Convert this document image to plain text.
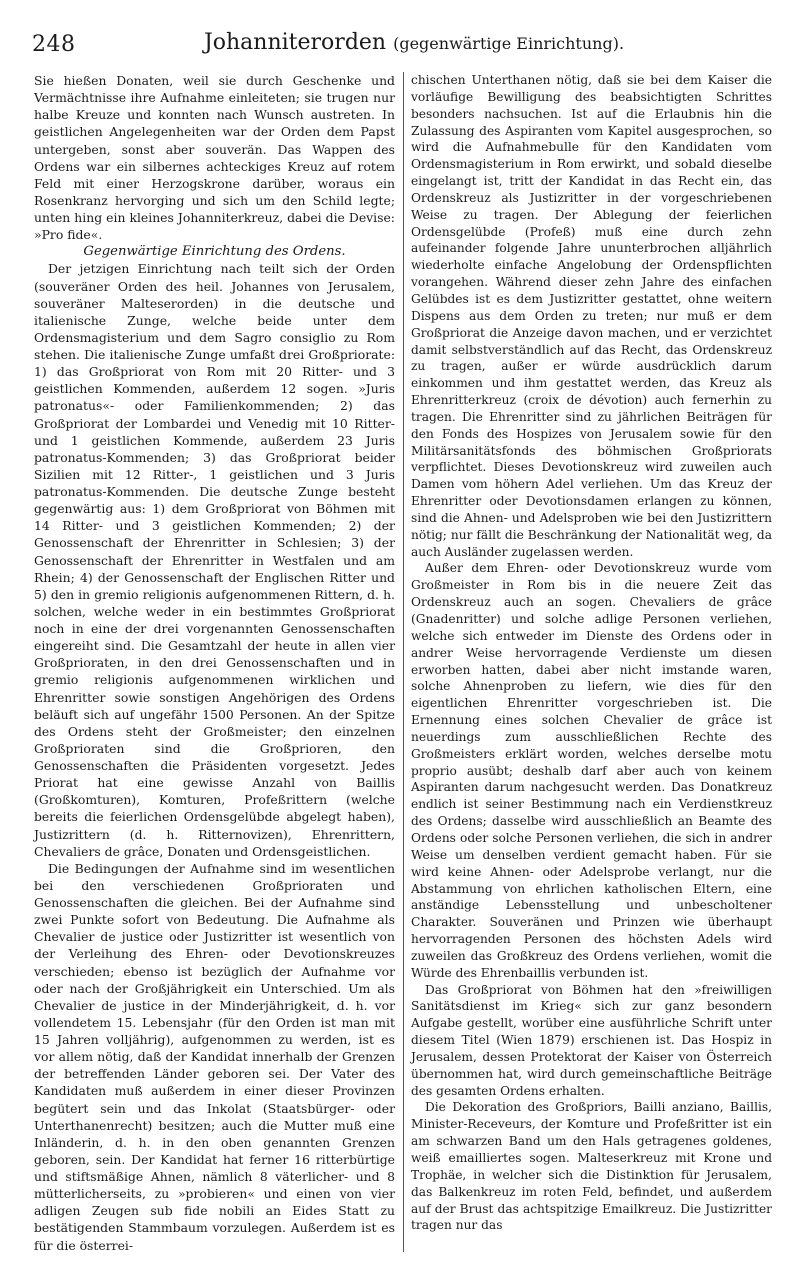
248	Johanniterorden (gegenwärtige Einrichtung).

Sie hießen Donaten, weil sie durch Geschenke und Vermächtnisse ihre Aufnahme einleiteten; sie trugen nur halbe Kreuze und konnten nach Wunsch austreten. In geistlichen Angelegenheiten war der Orden dem Papst untergeben, sonst aber souverän. Das Wappen des Ordens war ein silbernes achteckiges Kreuz auf rotem Feld mit einer Herzogskrone darüber, woraus ein Rosenkranz hervorging und sich um den Schild legte; unten hing ein kleines Johanniterkreuz, dabei die Devise: »Pro fide«.

Gegenwärtige Einrichtung des Ordens.

Der jetzigen Einrichtung nach teilt sich der Orden (souveräner Orden des heil. Johannes von Jerusalem, souveräner Malteserorden) in die deutsche und italienische Zunge, welche beide unter dem Ordensmagisterium und dem Sagro consiglio zu Rom stehen. Die italienische Zunge umfaßt drei Großpriorate: 1) das Großpriorat von Rom mit 20 Ritter- und 3 geistlichen Kommenden, außerdem 12 sogen. »Juris patronatus«- oder Familienkommenden; 2) das Großpriorat der Lombardei und Venedig mit 10 Ritter- und 1 geistlichen Kommende, außerdem 23 Juris patronatus-Kommenden; 3) das Großpriorat beider Sizilien mit 12 Ritter-, 1 geistlichen und 3 Juris patronatus-Kommenden. Die deutsche Zunge besteht gegenwärtig aus: 1) dem Großpriorat von Böhmen mit 14 Ritter- und 3 geistlichen Kommenden; 2) der Genossenschaft der Ehrenritter in Schlesien; 3) der Genossenschaft der Ehrenritter in Westfalen und am Rhein; 4) der Genossenschaft der Englischen Ritter und 5) den in gremio religionis aufgenommenen Rittern, d. h. solchen, welche weder in ein bestimmtes Großpriorat noch in eine der drei vorgenannten Genossenschaften eingereiht sind. Die Gesamtzahl der heute in allen vier Großprioraten, in den drei Genossenschaften und in gremio religionis aufgenommenen wirklichen und Ehrenritter sowie sonstigen Angehörigen des Ordens beläuft sich auf ungefähr 1500 Personen. An der Spitze des Ordens steht der Großmeister; den einzelnen Großprioraten sind die Großprioren, den Genossenschaften die Präsidenten vorgesetzt. Jedes Priorat hat eine gewisse Anzahl von Baillis (Großkomturen), Komturen, Profeßrittern (welche bereits die feierlichen Ordensgelübde abgelegt haben), Justizrittern (d. h. Ritternovizen), Ehrenrittern, Chevaliers de grâce, Donaten und Ordensgeistlichen.

Die Bedingungen der Aufnahme sind im wesentlichen bei den verschiedenen Großprioraten und Genossenschaften die gleichen. Bei der Aufnahme sind zwei Punkte sofort von Bedeutung. Die Aufnahme als Chevalier de justice oder Justizritter ist wesentlich von der Verleihung des Ehren- oder Devotionskreuzes verschieden; ebenso ist bezüglich der Aufnahme vor oder nach der Großjährigkeit ein Unterschied. Um als Chevalier de justice in der Minderjährigkeit, d. h. vor vollendetem 15. Lebensjahr (für den Orden ist man mit 15 Jahren volljährig), aufgenommen zu werden, ist es vor allem nötig, daß der Kandidat innerhalb der Grenzen der betreffenden Länder geboren sei. Der Vater des Kandidaten muß außerdem in einer dieser Provinzen begütert sein und das Inkolat (Staatsbürger- oder Unterthanenrecht) besitzen; auch die Mutter muß eine Inländerin, d. h. in den oben genannten Grenzen geboren, sein. Der Kandidat hat ferner 16 ritterbürtige und stiftsmäßige Ahnen, nämlich 8 väterlicher- und 8 mütterlicherseits, zu »probieren« und einen von vier adligen Zeugen sub fide nobili an Eides Statt zu bestätigenden Stammbaum vorzulegen. Außerdem ist es für die österrei-

chischen Unterthanen nötig, daß sie bei dem Kaiser die vorläufige Bewilligung des beabsichtigten Schrittes besonders nachsuchen. Ist auf die Erlaubnis hin die Zulassung des Aspiranten vom Kapitel ausgesprochen, so wird die Aufnahmebulle für den Kandidaten vom Ordensmagisterium in Rom erwirkt, und sobald dieselbe eingelangt ist, tritt der Kandidat in das Recht ein, das Ordenskreuz als Justizritter in der vorgeschriebenen Weise zu tragen. Der Ablegung der feierlichen Ordensgelübde (Profeß) muß eine durch zehn aufeinander folgende Jahre ununterbrochen alljährlich wiederholte einfache Angelobung der Ordenspflichten vorangehen. Während dieser zehn Jahre des einfachen Gelübdes ist es dem Justizritter gestattet, ohne weitern Dispens aus dem Orden zu treten; nur muß er dem Großpriorat die Anzeige davon machen, und er verzichtet damit selbstverständlich auf das Recht, das Ordenskreuz zu tragen, außer er würde ausdrücklich darum einkommen und ihm gestattet werden, das Kreuz als Ehrenritterkreuz (croix de dévotion) auch fernerhin zu tragen. Die Ehrenritter sind zu jährlichen Beiträgen für den Fonds des Hospizes von Jerusalem sowie für den Militärsanitätsfonds des böhmischen Großpriorats verpflichtet. Dieses Devotionskreuz wird zuweilen auch Damen vom höhern Adel verliehen. Um das Kreuz der Ehrenritter oder Devotionsdamen erlangen zu können, sind die Ahnen- und Adelsproben wie bei den Justizrittern nötig; nur fällt die Beschränkung der Nationalität weg, da auch Ausländer zugelassen werden.

Außer dem Ehren- oder Devotionskreuz wurde vom Großmeister in Rom bis in die neuere Zeit das Ordenskreuz auch an sogen. Chevaliers de grâce (Gnadenritter) und solche adlige Personen verliehen, welche sich entweder im Dienste des Ordens oder in andrer Weise hervorragende Verdienste um diesen erworben hatten, dabei aber nicht imstande waren, solche Ahnenproben zu liefern, wie dies für den eigentlichen Ehrenritter vorgeschrieben ist. Die Ernennung eines solchen Chevalier de grâce ist neuerdings zum ausschließlichen Rechte des Großmeisters erklärt worden, welches derselbe motu proprio ausübt; deshalb darf aber auch von keinem Aspiranten darum nachgesucht werden. Das Donatkreuz endlich ist seiner Bestimmung nach ein Verdienstkreuz des Ordens; dasselbe wird ausschließlich an Beamte des Ordens oder solche Personen verliehen, die sich in andrer Weise um denselben verdient gemacht haben. Für sie wird keine Ahnen- oder Adelsprobe verlangt, nur die Abstammung von ehrlichen katholischen Eltern, eine anständige Lebensstellung und unbescholtener Charakter. Souveränen und Prinzen wie überhaupt hervorragenden Personen des höchsten Adels wird zuweilen das Großkreuz des Ordens verliehen, womit die Würde des Ehrenbaillis verbunden ist.

Das Großpriorat von Böhmen hat den »freiwilligen Sanitätsdienst im Krieg« sich zur ganz besondern Aufgabe gestellt, worüber eine ausführliche Schrift unter diesem Titel (Wien 1879) erschienen ist. Das Hospiz in Jerusalem, dessen Protektorat der Kaiser von Österreich übernommen hat, wird durch gemeinschaftliche Beiträge des gesamten Ordens erhalten.

Die Dekoration des Großpriors, Bailli anziano, Baillis, Minister-Receveurs, der Komture und Profeßritter ist ein am schwarzen Band um den Hals getragenes goldenes, weiß emailliertes sogen. Malteserkreuz mit Krone und Trophäe, in welcher sich die Distinktion für Jerusalem, das Balkenkreuz im roten Feld, befindet, und außerdem auf der Brust das achtspitzige Emailkreuz. Die Justizritter tragen nur das
